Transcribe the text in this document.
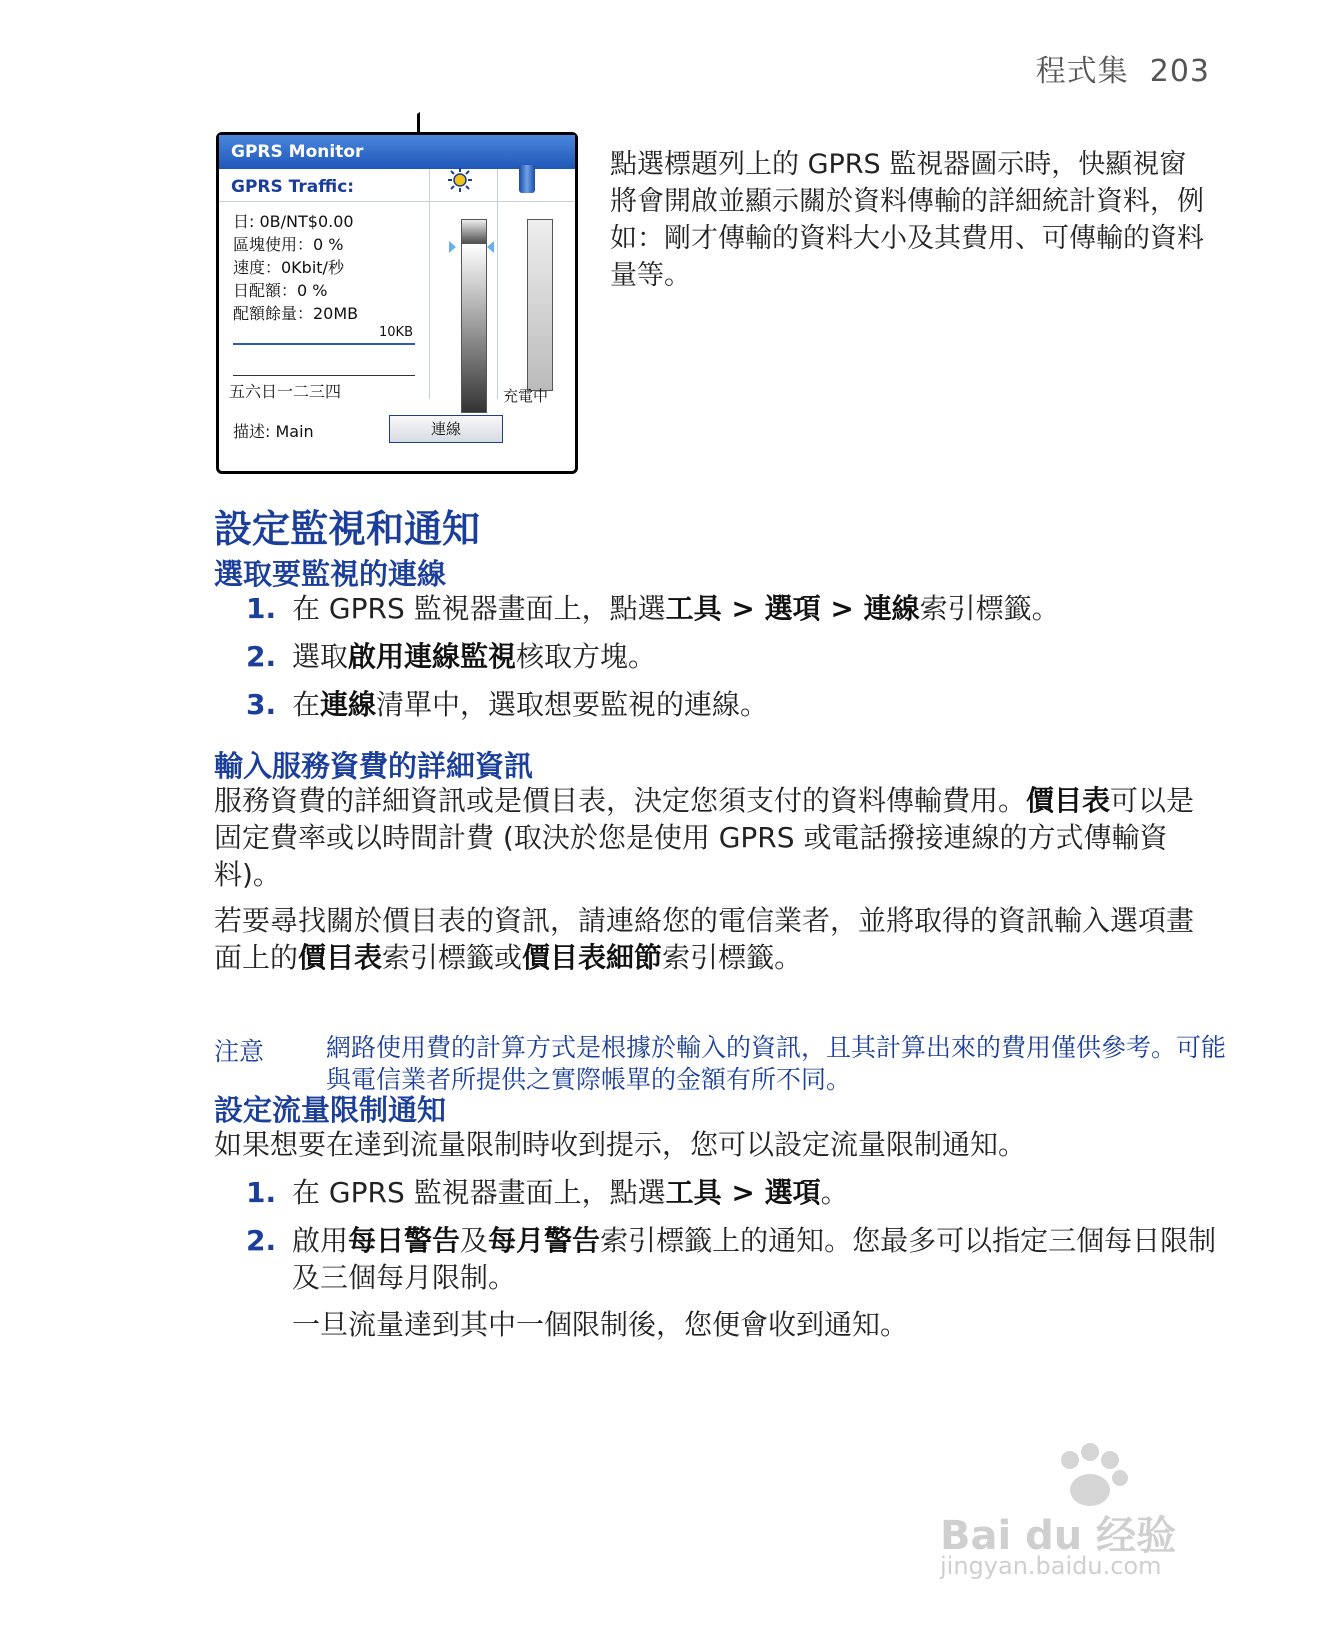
程式集 203
GPRS Monitor
GPRS Traffic:
日: 0B/NT$0.00
區塊使用：0 %
速度：0Kbit/秒
日配額：0 %
配額餘量：20MB
10KB
五六日一二三四	充電中
描述: Main	連線
點選標題列上的 GPRS 監視器圖示時，快顯視窗將會開啟並顯示關於資料傳輸的詳細統計資料，例如：剛才傳輸的資料大小及其費用、可傳輸的資料量等。
設定監視和通知
選取要監視的連線
1. 在 GPRS 監視器畫面上，點選工具 > 選項 > 連線索引標籤。
2. 選取啟用連線監視核取方塊。
3. 在連線清單中，選取想要監視的連線。
輸入服務資費的詳細資訊
服務資費的詳細資訊或是價目表，決定您須支付的資料傳輸費用。價目表可以是固定費率或以時間計費 (取決於您是使用 GPRS 或電話撥接連線的方式傳輸資料)。
若要尋找關於價目表的資訊，請連絡您的電信業者，並將取得的資訊輸入選項畫面上的價目表索引標籤或價目表細節索引標籤。
注意 網路使用費的計算方式是根據於輸入的資訊，且其計算出來的費用僅供參考。可能與電信業者所提供之實際帳單的金額有所不同。
設定流量限制通知
如果想要在達到流量限制時收到提示，您可以設定流量限制通知。
1. 在 GPRS 監視器畫面上，點選工具 > 選項。
2. 啟用每日警告及每月警告索引標籤上的通知。您最多可以指定三個每日限制及三個每月限制。
一旦流量達到其中一個限制後，您便會收到通知。
Bai du 经验
jingyan.baidu.com
